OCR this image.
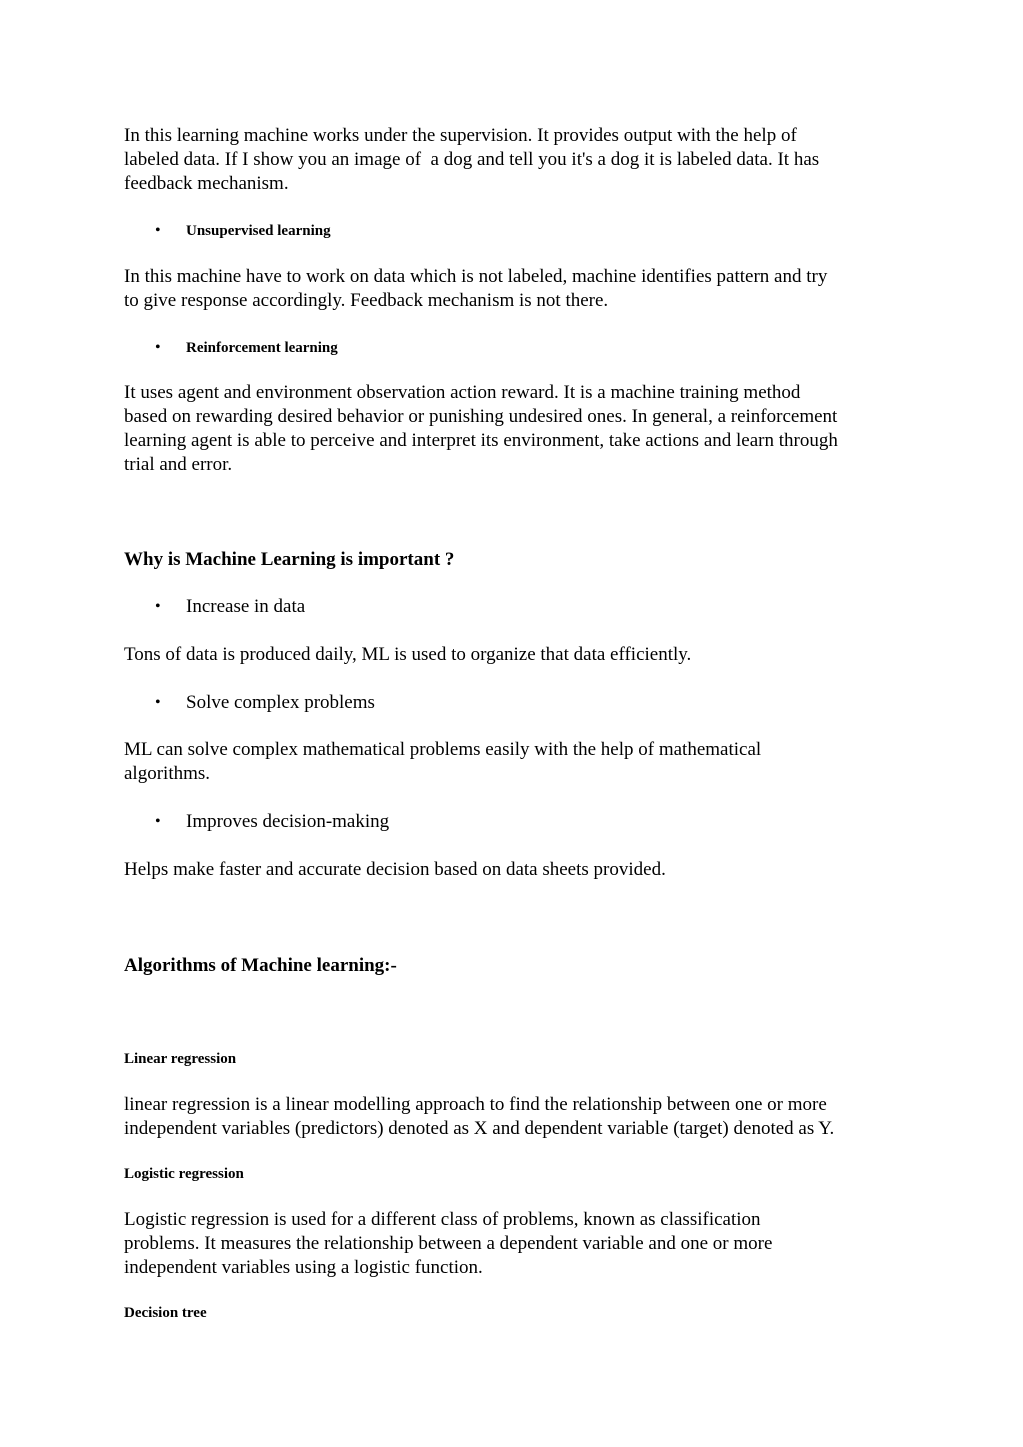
In this learning machine works under the supervision. It provides output with the help of
labeled data. If I show you an image of  a dog and tell you it's a dog it is labeled data. It has
feedback mechanism.

• Unsupervised learning

In this machine have to work on data which is not labeled, machine identifies pattern and try
to give response accordingly. Feedback mechanism is not there.

• Reinforcement learning

It uses agent and environment observation action reward. It is a machine training method
based on rewarding desired behavior or punishing undesired ones. In general, a reinforcement
learning agent is able to perceive and interpret its environment, take actions and learn through
trial and error.

Why is Machine Learning is important ?
• Increase in data

Tons of data is produced daily, ML is used to organize that data efficiently.

• Solve complex problems

ML can solve complex mathematical problems easily with the help of mathematical
algorithms.

• Improves decision-making

Helps make faster and accurate decision based on data sheets provided.

Algorithms of Machine learning:-
Linear regression

linear regression is a linear modelling approach to find the relationship between one or more
independent variables (predictors) denoted as X and dependent variable (target) denoted as Y.

Logistic regression

Logistic regression is used for a different class of problems, known as classification
problems. It measures the relationship between a dependent variable and one or more
independent variables using a logistic function.

Decision tree
